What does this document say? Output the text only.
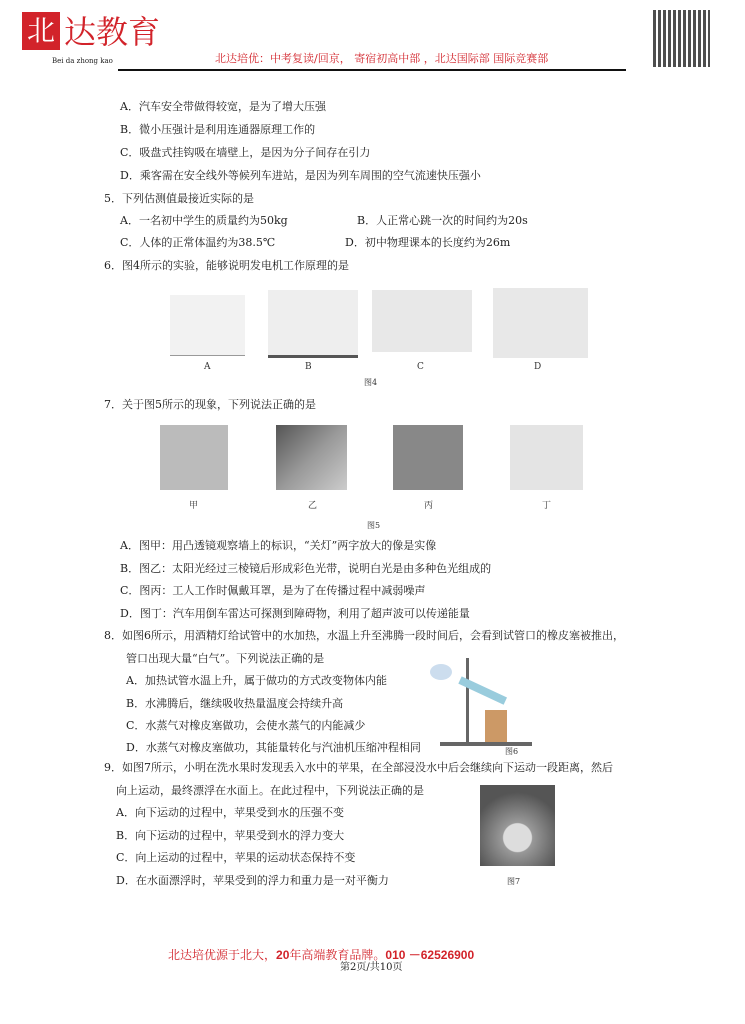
北 达教育
Bei da zhong kao	北达培优：中考复读/回京， 寄宿初高中部 ，北达国际部 国际竞赛部
A．汽车安全带做得较宽，是为了增大压强
B．微小压强计是利用连通器原理工作的
C．吸盘式挂钩吸在墙壁上，是因为分子间存在引力
D．乘客需在安全线外等候列车进站，是因为列车周围的空气流速快压强小
5．下列估测值最接近实际的是
A．一名初中学生的质量约为50kg	B．人正常心跳一次的时间约为20s
C．人体的正常体温约为38.5℃	D．初中物理课本的长度约为26m
6．图4所示的实验，能够说明发电机工作原理的是
A	B	C	D
图4
7．关于图5所示的现象，下列说法正确的是
甲	乙	丙	丁
图5
A．图甲：用凸透镜观察墙上的标识，“关灯”两字放大的像是实像
B．图乙：太阳光经过三棱镜后形成彩色光带，说明白光是由多种色光组成的
C．图丙：工人工作时佩戴耳罩，是为了在传播过程中减弱噪声
D．图丁：汽车用倒车雷达可探测到障碍物，利用了超声波可以传递能量
8．如图6所示，用酒精灯给试管中的水加热，水温上升至沸腾一段时间后，会看到试管口的橡皮塞被推出，
管口出现大量“白气”。下列说法正确的是
A．加热试管水温上升，属于做功的方式改变物体内能
B．水沸腾后，继续吸收热量温度会持续升高
C．水蒸气对橡皮塞做功，会使水蒸气的内能减少
D．水蒸气对橡皮塞做功，其能量转化与汽油机压缩冲程相同	图6
9．如图7所示，小明在洗水果时发现丢入水中的苹果，在全部浸没水中后会继续向下运动一段距离，然后
向上运动，最终漂浮在水面上。在此过程中，下列说法正确的是
A．向下运动的过程中，苹果受到水的压强不变
B．向下运动的过程中，苹果受到水的浮力变大
C．向上运动的过程中，苹果的运动状态保持不变
D．在水面漂浮时，苹果受到的浮力和重力是一对平衡力	图7
北达培优源于北大，20年高端教育品牌。010 －62526900
第2页/共10页
